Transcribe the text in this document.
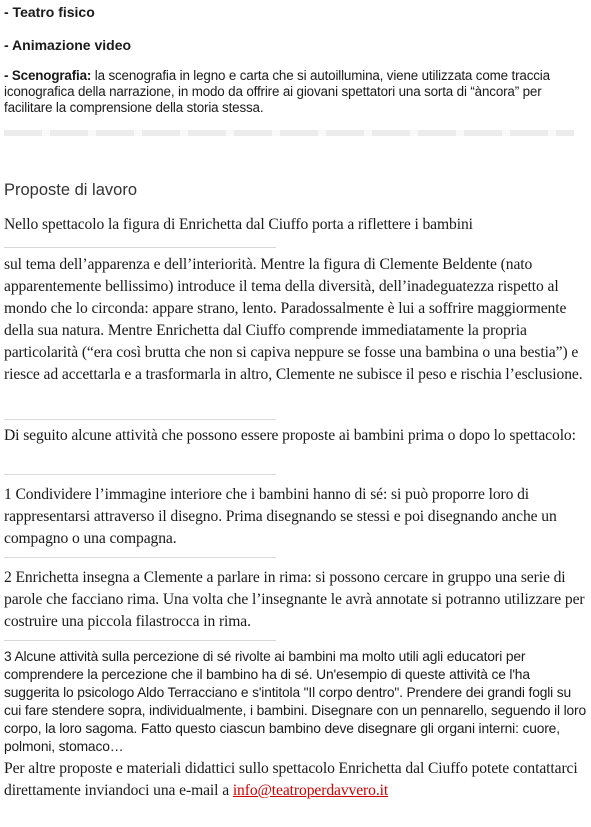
- Teatro fisico

- Animazione video

- Scenografia: la scenografia in legno e carta che si autoillumina, viene utilizzata come traccia iconografica della narrazione, in modo da offrire ai giovani spettatori una sorta di “àncora” per facilitare la comprensione della storia stessa.

Proposte di lavoro

Nello spettacolo la figura di Enrichetta dal Ciuffo porta a riflettere i bambini

sul tema dell’apparenza e dell’interiorità. Mentre la figura di Clemente Beldente (nato apparentemente bellissimo) introduce il tema della diversità, dell’inadeguatezza rispetto al mondo che lo circonda: appare strano, lento. Paradossalmente è lui a soffrire maggiormente della sua natura. Mentre Enrichetta dal Ciuffo comprende immediatamente la propria particolarità (“era così brutta che non si capiva neppure se fosse una bambina o una bestia”) e riesce ad accettarla e a trasformarla in altro, Clemente ne subisce il peso e rischia l’esclusione.

Di seguito alcune attività che possono essere proposte ai bambini prima o dopo lo spettacolo:

1 Condividere l’immagine interiore che i bambini hanno di sé: si può proporre loro di rappresentarsi attraverso il disegno. Prima disegnando se stessi e poi disegnando anche un compagno o una compagna.

2 Enrichetta insegna a Clemente a parlare in rima: si possono cercare in gruppo una serie di parole che facciano rima. Una volta che l’insegnante le avrà annotate si potranno utilizzare per costruire una piccola filastrocca in rima.

3 Alcune attività sulla percezione di sé rivolte ai bambini ma molto utili agli educatori per comprendere la percezione che il bambino ha di sé. Un'esempio di queste attività ce l'ha suggerita lo psicologo Aldo Terracciano e s'intitola "Il corpo dentro". Prendere dei grandi fogli su cui fare stendere sopra, individualmente, i bambini. Disegnare con un pennarello, seguendo il loro corpo, la loro sagoma. Fatto questo ciascun bambino deve disegnare gli organi interni: cuore, polmoni, stomaco…

Per altre proposte e materiali didattici sullo spettacolo Enrichetta dal Ciuffo potete contattarci direttamente inviandoci una e-mail a info@teatroperdavvero.it
